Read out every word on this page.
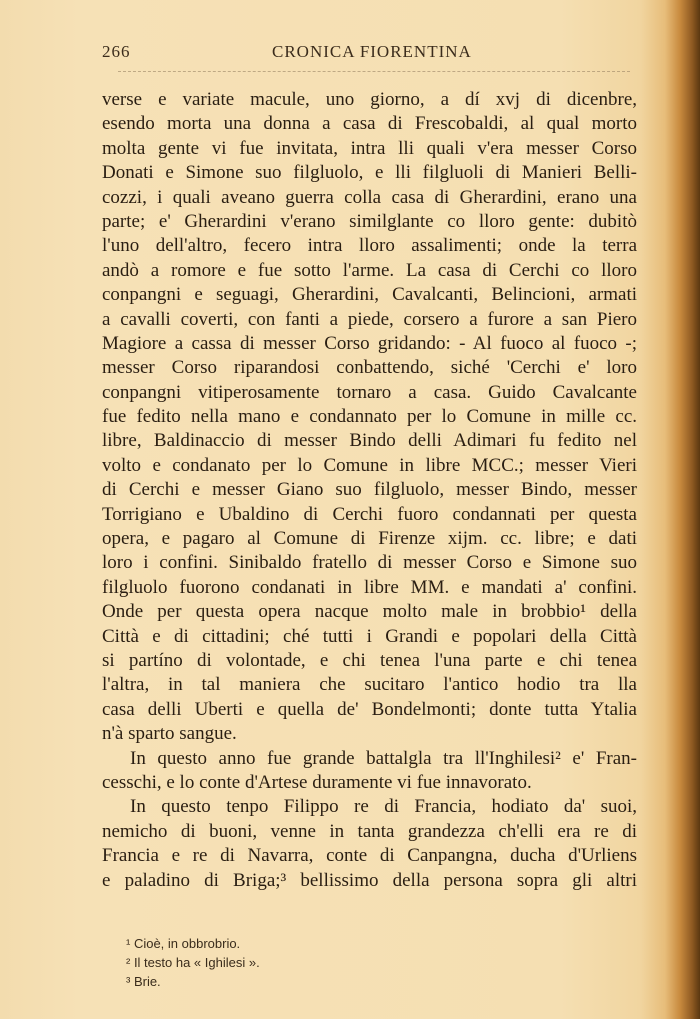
266	CRONICA FIORENTINA
verse e variate macule, uno giorno, a dí xvj di dicenbre,
esendo morta una donna a casa di Frescobaldi, al qual morto
molta gente vi fue invitata, intra lli quali v'era messer Corso
Donati e Simone suo filgluolo, e lli filgluoli di Manieri Belli-
cozzi, i quali aveano guerra colla casa di Gherardini, erano una
parte; e' Gherardini v'erano similglante co lloro gente: dubitò
l'uno dell'altro, fecero intra lloro assalimenti; onde la terra
andò a romore e fue sotto l'arme. La casa di Cerchi co lloro
conpangni e seguagi, Gherardini, Cavalcanti, Belincioni, armati
a cavalli coverti, con fanti a piede, corsero a furore a san Piero
Magiore a cassa di messer Corso gridando: - Al fuoco al fuoco -;
messer Corso riparandosi conbattendo, siché 'Cerchi e' loro
conpangni vitiperosamente tornaro a casa. Guido Cavalcante
fue fedito nella mano e condannato per lo Comune in mille cc.
libre, Baldinaccio di messer Bindo delli Adimari fu fedito nel
volto e condanato per lo Comune in libre MCC.; messer Vieri
di Cerchi e messer Giano suo filgluolo, messer Bindo, messer
Torrigiano e Ubaldino di Cerchi fuoro condannati per questa
opera, e pagaro al Comune di Firenze xijm. cc. libre; e dati
loro i confini. Sinibaldo fratello di messer Corso e Simone suo
filgluolo fuorono condanati in libre MM. e mandati a' confini.
Onde per questa opera nacque molto male in brobbio¹ della
Città e di cittadini; ché tutti i Grandi e popolari della Città
si partíno di volontade, e chi tenea l'una parte e chi tenea
l'altra, in tal maniera che sucitaro l'antico hodio tra lla
casa delli Uberti e quella de' Bondelmonti; donte tutta Ytalia
n'à sparto sangue.
In questo anno fue grande battalgla tra ll'Inghilesi² e' Fran-
cesschi, e lo conte d'Artese duramente vi fue innavorato.
In questo tenpo Filippo re di Francia, hodiato da' suoi,
nemicho di buoni, venne in tanta grandezza ch'elli era re di
Francia e re di Navarra, conte di Canpangna, ducha d'Urliens
e paladino di Briga;³ bellissimo della persona sopra gli altri
¹ Cioè, in obbrobrio.
² Il testo ha « Ighilesi ».
³ Brie.
